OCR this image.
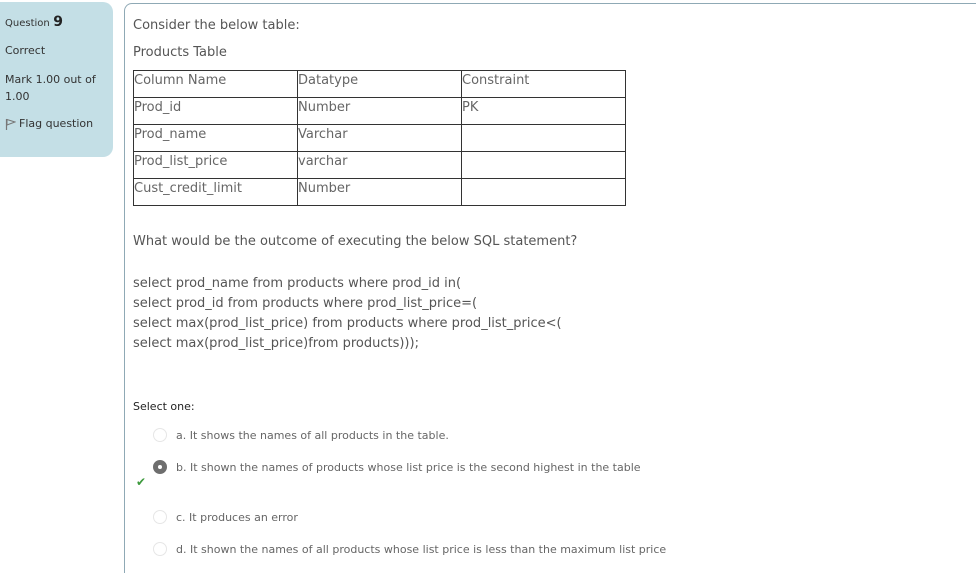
Question 9
Correct
Mark 1.00 out of 1.00
Flag question
Consider the below table:
Products Table
Column Name	Datatype	Constraint
Prod_id	Number	PK
Prod_name	Varchar	
Prod_list_price	varchar	
Cust_credit_limit	Number	
What would be the outcome of executing the below SQL statement?
select prod_name from products where prod_id in(
select prod_id from products where prod_list_price=(
select max(prod_list_price) from products where prod_list_price<(
select max(prod_list_price)from products)));
Select one:
a. It shows the names of all products in the table.
b. It shown the names of products whose list price is the second highest in the table
c. It produces an error
d. It shown the names of all products whose list price is less than the maximum list price
✔
